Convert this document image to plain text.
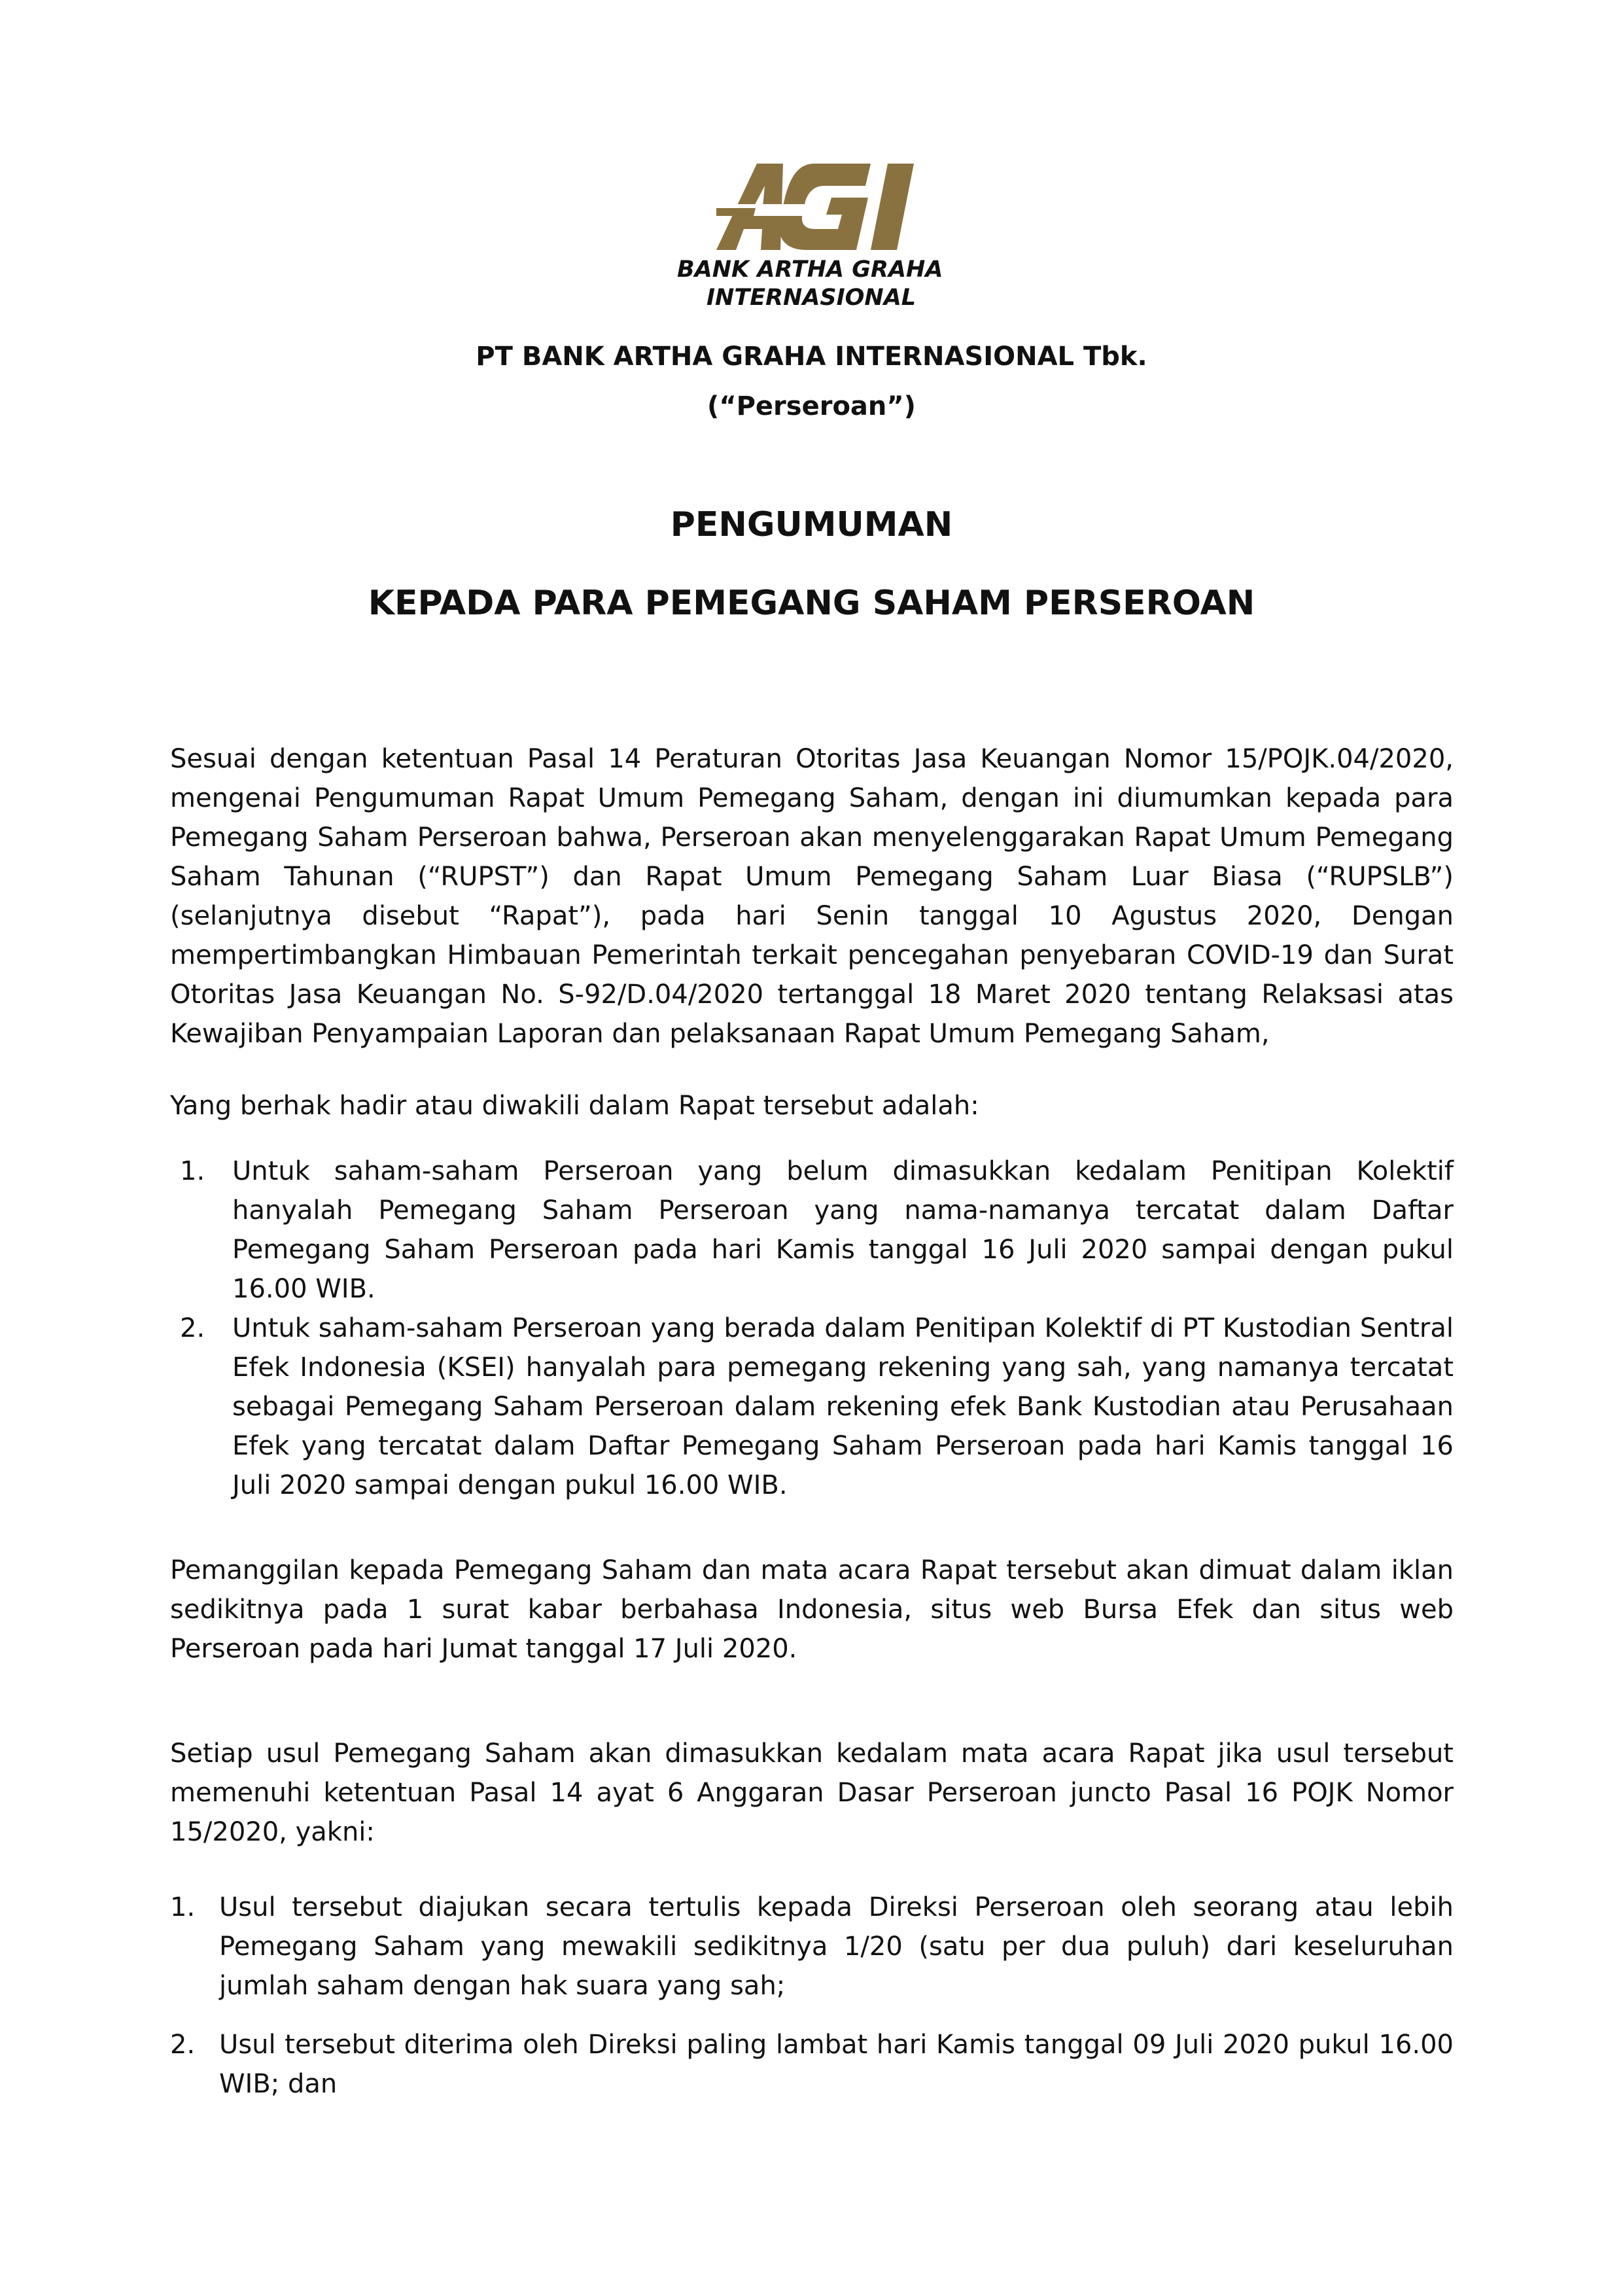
BANK ARTHA GRAHA
INTERNASIONAL
PT BANK ARTHA GRAHA INTERNASIONAL Tbk.
(“Perseroan”)
PENGUMUMAN
KEPADA PARA PEMEGANG SAHAM PERSEROAN
Sesuai dengan ketentuan Pasal 14 Peraturan Otoritas Jasa Keuangan Nomor 15/POJK.04/2020, mengenai Pengumuman Rapat Umum Pemegang Saham, dengan ini diumumkan kepada para Pemegang Saham Perseroan bahwa, Perseroan akan menyelenggarakan Rapat Umum Pemegang Saham Tahunan (“RUPST”) dan Rapat Umum Pemegang Saham Luar Biasa (“RUPSLB”) (selanjutnya disebut “Rapat”), pada hari Senin tanggal 10 Agustus 2020, Dengan mempertimbangkan Himbauan Pemerintah terkait pencegahan penyebaran COVID-19 dan Surat Otoritas Jasa Keuangan No. S-92/D.04/2020 tertanggal 18 Maret 2020 tentang Relaksasi atas Kewajiban Penyampaian Laporan dan pelaksanaan Rapat Umum Pemegang Saham,
Yang berhak hadir atau diwakili dalam Rapat tersebut adalah:
1. Untuk saham-saham Perseroan yang belum dimasukkan kedalam Penitipan Kolektif hanyalah Pemegang Saham Perseroan yang nama-namanya tercatat dalam Daftar Pemegang Saham Perseroan pada hari Kamis tanggal 16 Juli 2020 sampai dengan pukul 16.00 WIB.
2. Untuk saham-saham Perseroan yang berada dalam Penitipan Kolektif di PT Kustodian Sentral Efek Indonesia (KSEI) hanyalah para pemegang rekening yang sah, yang namanya tercatat sebagai Pemegang Saham Perseroan dalam rekening efek Bank Kustodian atau Perusahaan Efek yang tercatat dalam Daftar Pemegang Saham Perseroan pada hari Kamis tanggal 16 Juli 2020 sampai dengan pukul 16.00 WIB.
Pemanggilan kepada Pemegang Saham dan mata acara Rapat tersebut akan dimuat dalam iklan sedikitnya pada 1 surat kabar berbahasa Indonesia, situs web Bursa Efek dan situs web Perseroan pada hari Jumat tanggal 17 Juli 2020.
Setiap usul Pemegang Saham akan dimasukkan kedalam mata acara Rapat jika usul tersebut memenuhi ketentuan Pasal 14 ayat 6 Anggaran Dasar Perseroan juncto Pasal 16 POJK Nomor 15/2020, yakni:
1. Usul tersebut diajukan secara tertulis kepada Direksi Perseroan oleh seorang atau lebih Pemegang Saham yang mewakili sedikitnya 1/20 (satu per dua puluh) dari keseluruhan jumlah saham dengan hak suara yang sah;
2. Usul tersebut diterima oleh Direksi paling lambat hari Kamis tanggal 09 Juli 2020 pukul 16.00 WIB; dan
